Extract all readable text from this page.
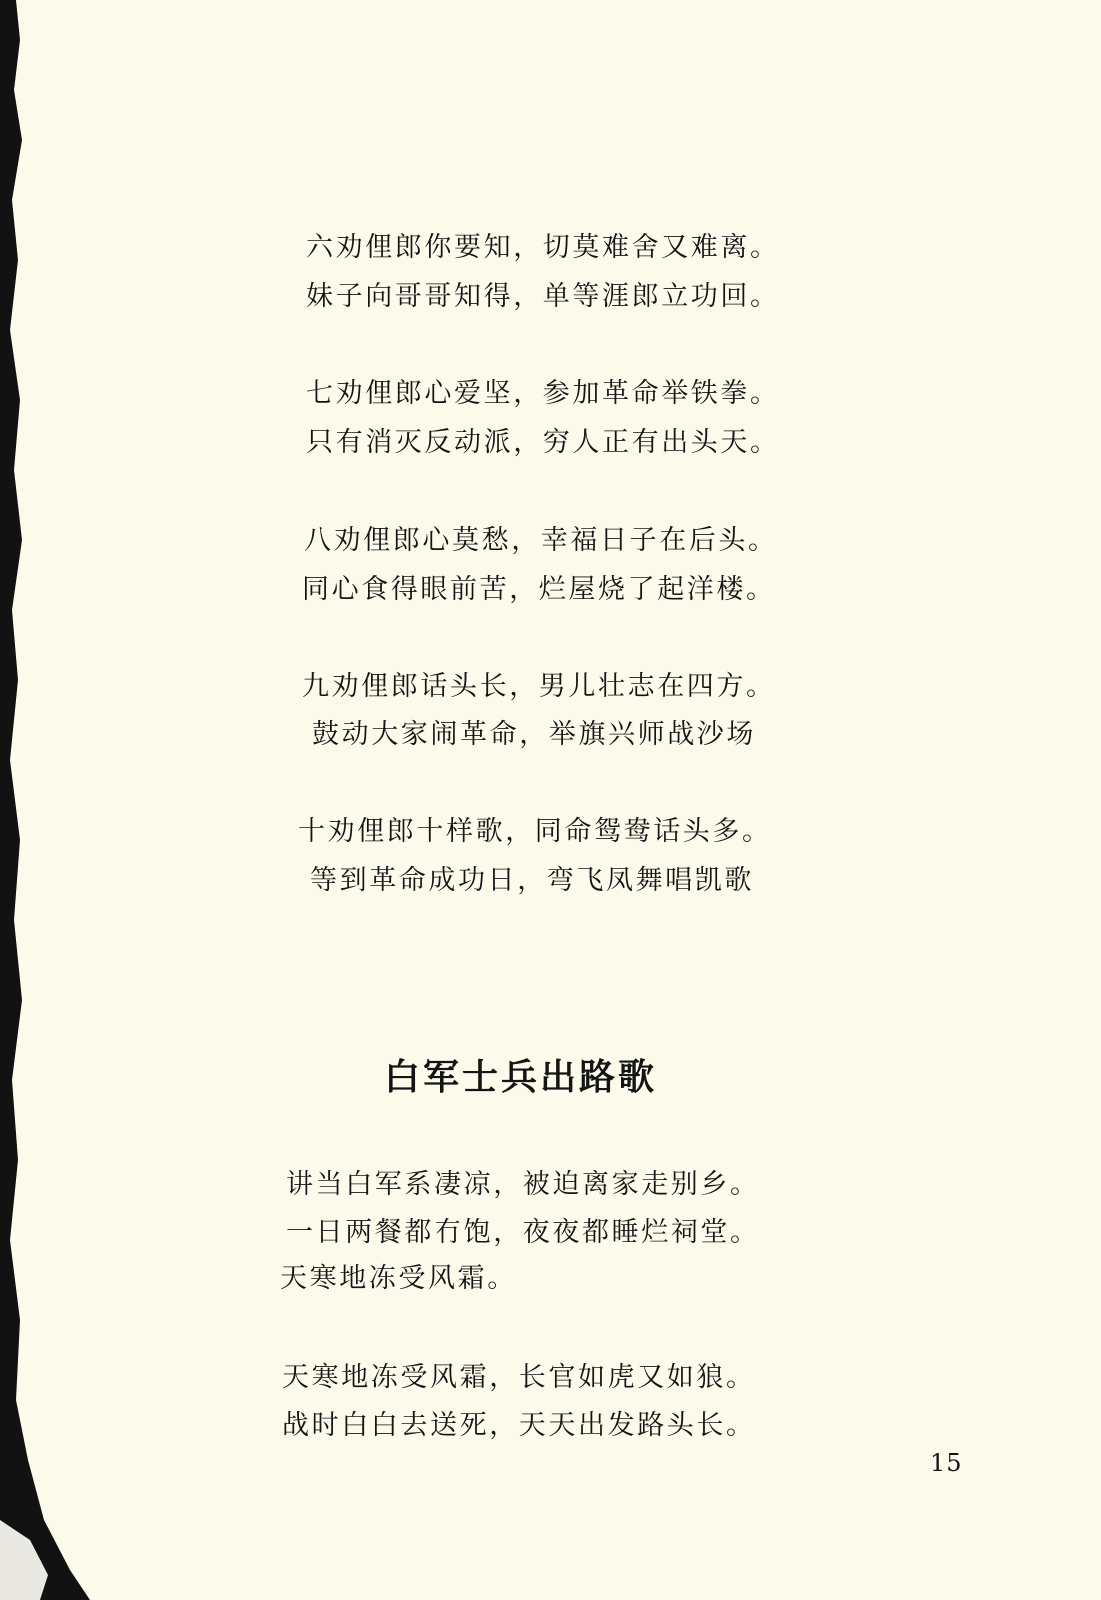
六劝俚郎你要知，切莫难舍又难离。
妹子向哥哥知得，单等涯郎立功回。
七劝俚郎心爱坚，参加革命举铁拳。
只有消灭反动派，穷人正有出头天。
八劝俚郎心莫愁，幸福日子在后头。
同心食得眼前苦，烂屋烧了起洋楼。
九劝俚郎话头长，男儿壮志在四方。
鼓动大家闹革命，举旗兴师战沙场
十劝俚郎十样歌，同命鸳鸯话头多。
等到革命成功日，弯飞凤舞唱凯歌
白军士兵出路歌
讲当白军系凄凉，被迫离家走别乡。
一日两餐都冇饱，夜夜都睡烂祠堂。
天寒地冻受风霜。
天寒地冻受风霜，长官如虎又如狼。
战时白白去送死，天天出发路头长。
15
